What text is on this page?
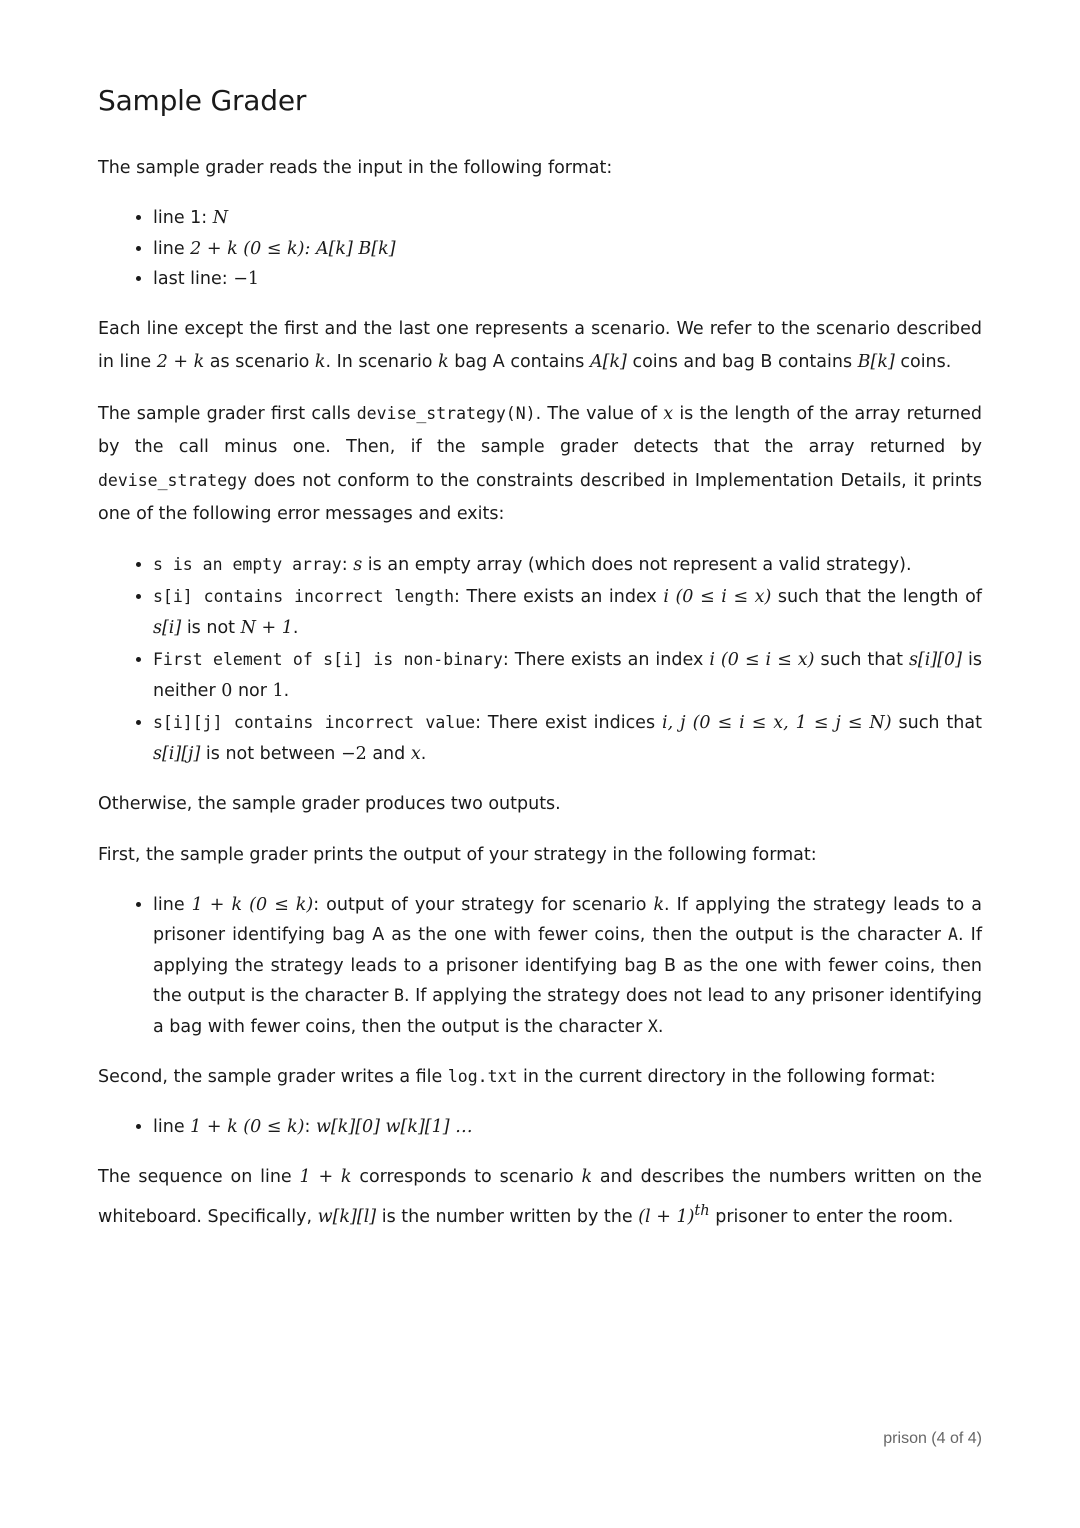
Sample Grader

The sample grader reads the input in the following format:

• line 1: N
• line 2 + k (0 ≤ k): A[k] B[k]
• last line: −1

Each line except the first and the last one represents a scenario. We refer to the scenario described in line 2 + k as scenario k. In scenario k bag A contains A[k] coins and bag B contains B[k] coins.

The sample grader first calls devise_strategy(N). The value of x is the length of the array returned by the call minus one. Then, if the sample grader detects that the array returned by devise_strategy does not conform to the constraints described in Implementation Details, it prints one of the following error messages and exits:

• s is an empty array: s is an empty array (which does not represent a valid strategy).
• s[i] contains incorrect length: There exists an index i (0 ≤ i ≤ x) such that the length of s[i] is not N + 1.
• First element of s[i] is non-binary: There exists an index i (0 ≤ i ≤ x) such that s[i][0] is neither 0 nor 1.
• s[i][j] contains incorrect value: There exist indices i, j (0 ≤ i ≤ x, 1 ≤ j ≤ N) such that s[i][j] is not between −2 and x.

Otherwise, the sample grader produces two outputs.

First, the sample grader prints the output of your strategy in the following format:

• line 1 + k (0 ≤ k): output of your strategy for scenario k. If applying the strategy leads to a prisoner identifying bag A as the one with fewer coins, then the output is the character A. If applying the strategy leads to a prisoner identifying bag B as the one with fewer coins, then the output is the character B. If applying the strategy does not lead to any prisoner identifying a bag with fewer coins, then the output is the character X.

Second, the sample grader writes a file log.txt in the current directory in the following format:

• line 1 + k (0 ≤ k): w[k][0] w[k][1] …

The sequence on line 1 + k corresponds to scenario k and describes the numbers written on the whiteboard. Specifically, w[k][l] is the number written by the $(l + 1)^{th}$ prisoner to enter the room.

prison (4 of 4)
